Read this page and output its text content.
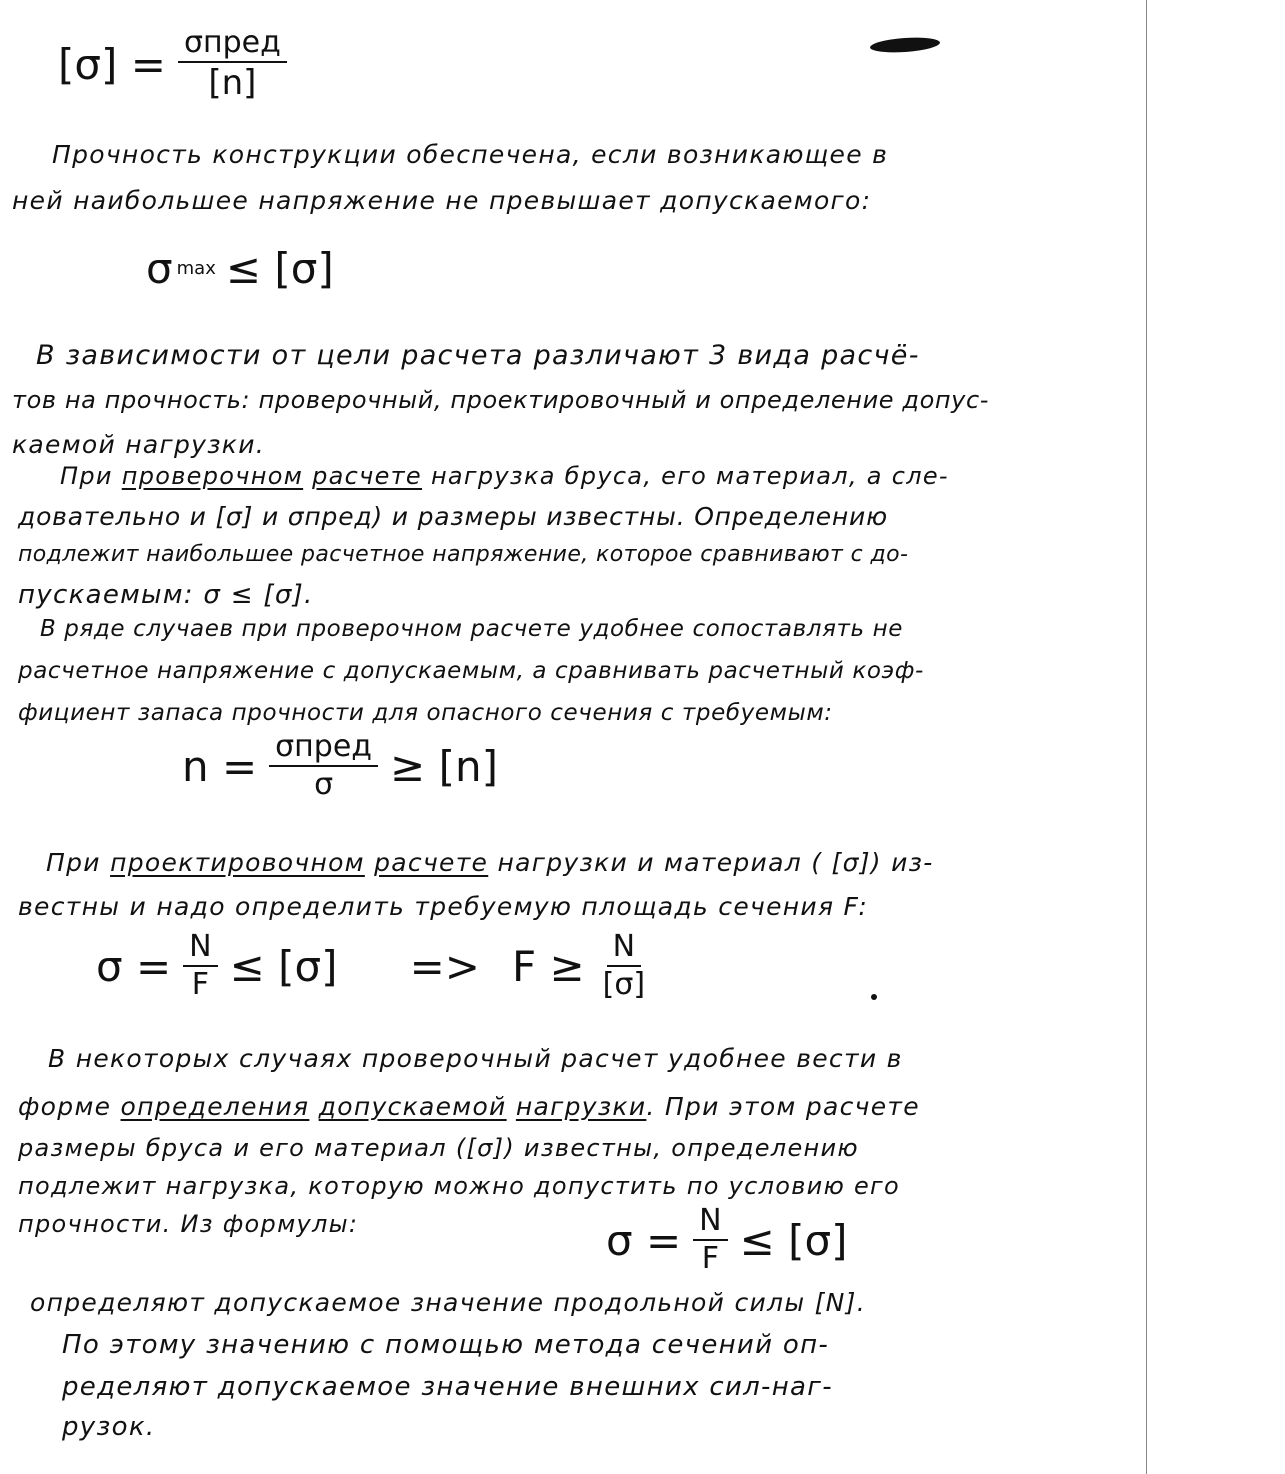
$[\sigma] = \frac{\text{σпред}}{[n]}$
Прочность конструкции обеспечена, если возникающее в
ней наибольшее напряжение не превышает допускаемого:
σ max ≤ [σ]
В зависимости от цели расчета различают 3 вида расчё-
тов на прочность: проверочный, проектировочный и определение допус-
каемой нагрузки.
При проверочном расчете нагрузка бруса, его материал, а сле-
довательно и [σ] и σпред) и размеры известны. Определению
подлежит наибольшее расчетное напряжение, которое сравнивают с до-
пускаемым: σ ≤ [σ].
В ряде случаев при проверочном расчете удобнее сопоставлять не
расчетное напряжение с допускаемым, а сравнивать расчетный коэф-
фициент запаса прочности для опасного сечения с требуемым:
$n = \frac{\text{σпред}}{\sigma} \ge [n]$
При проектировочном расчете нагрузки и материал ( [σ]) из-
вестны и надо определить требуемую площадь сечения F:
$\sigma = \frac{N}{F} \le [\sigma] => F \ge \frac{N}{[\sigma]}$
В некоторых случаях проверочный расчет удобнее вести в
форме определения допускаемой нагрузки. При этом расчете
размеры бруса и его материал ([σ]) известны, определению
подлежит нагрузка, которую можно допустить по условию его
прочности. Из формулы:	$\sigma = \frac{N}{F} \le [\sigma]$
определяют допускаемое значение продольной силы [N].
По этому значению с помощью метода сечений оп-
ределяют допускаемое значение внешних сил-наг-
рузок.
